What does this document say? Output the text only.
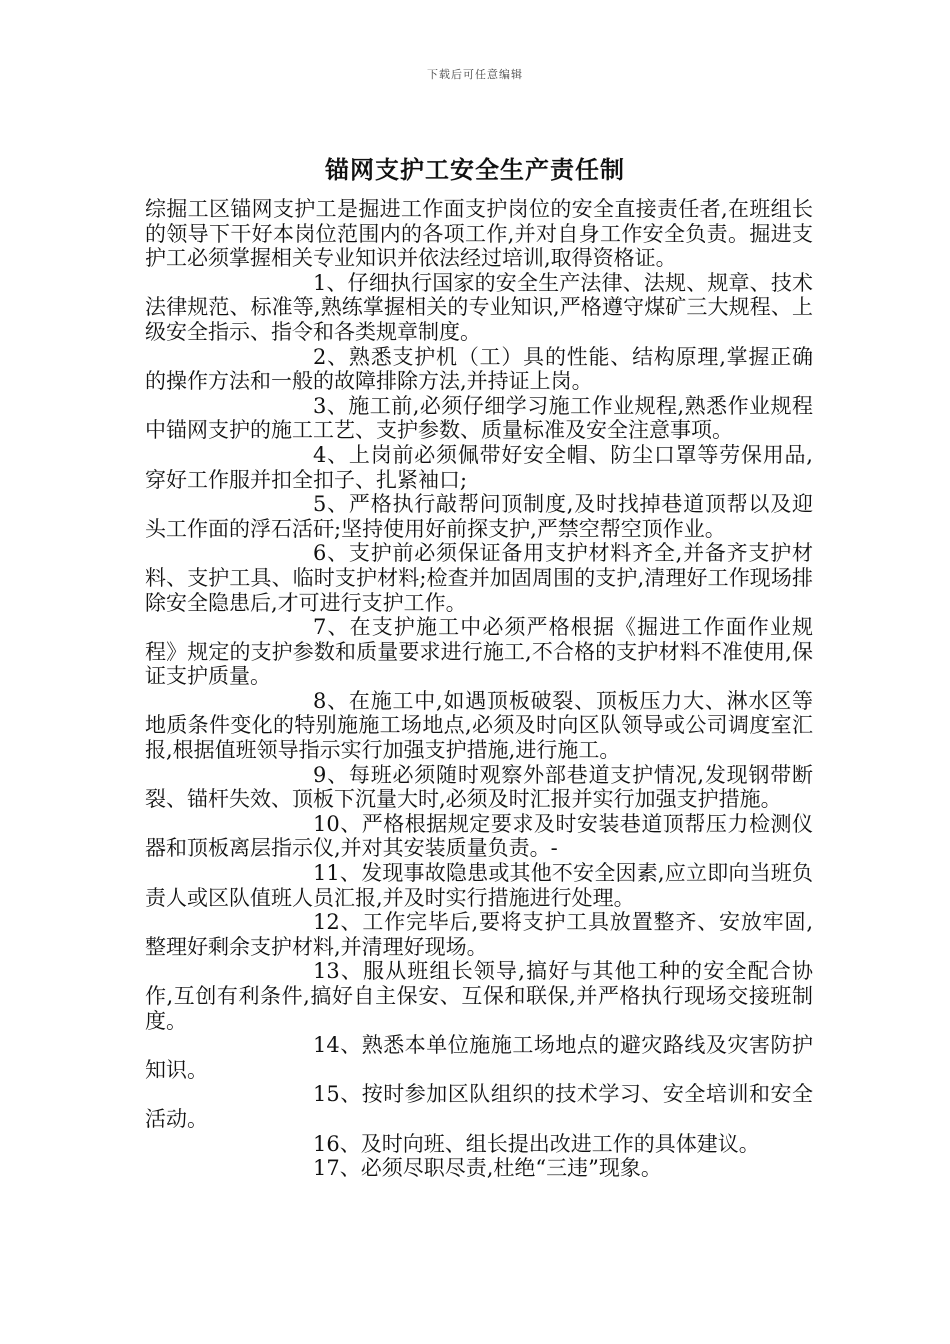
下载后可任意编辑
锚网支护工安全生产责任制

综掘工区锚网支护工是掘进工作面支护岗位的安全直接责任者,在班组长的领导下干好本岗位范围内的各项工作,并对自身工作安全负责。掘进支护工必须掌握相关专业知识并依法经过培训,取得资格证。

1、仔细执行国家的安全生产法律、法规、规章、技术法律规范、标准等,熟练掌握相关的专业知识,严格遵守煤矿三大规程、上级安全指示、指令和各类规章制度。

2、熟悉支护机（工）具的性能、结构原理,掌握正确的操作方法和一般的故障排除方法,并持证上岗。

3、施工前,必须仔细学习施工作业规程,熟悉作业规程中锚网支护的施工工艺、支护参数、质量标准及安全注意事项。

4、上岗前必须佩带好安全帽、防尘口罩等劳保用品,穿好工作服并扣全扣子、扎紧袖口;

5、严格执行敲帮问顶制度,及时找掉巷道顶帮以及迎头工作面的浮石活矸;坚持使用好前探支护,严禁空帮空顶作业。

6、支护前必须保证备用支护材料齐全,并备齐支护材料、支护工具、临时支护材料;检查并加固周围的支护,清理好工作现场排除安全隐患后,才可进行支护工作。

7、在支护施工中必须严格根据《掘进工作面作业规程》规定的支护参数和质量要求进行施工,不合格的支护材料不准使用,保证支护质量。

8、在施工中,如遇顶板破裂、顶板压力大、淋水区等地质条件变化的特别施施工场地点,必须及时向区队领导或公司调度室汇报,根据值班领导指示实行加强支护措施,进行施工。

9、每班必须随时观察外部巷道支护情况,发现钢带断裂、锚杆失效、顶板下沉量大时,必须及时汇报并实行加强支护措施。

10、严格根据规定要求及时安装巷道顶帮压力检测仪器和顶板离层指示仪,并对其安装质量负责。-

11、发现事故隐患或其他不安全因素,应立即向当班负责人或区队值班人员汇报,并及时实行措施进行处理。

12、工作完毕后,要将支护工具放置整齐、安放牢固,整理好剩余支护材料,并清理好现场。

13、服从班组长领导,搞好与其他工种的安全配合协作,互创有利条件,搞好自主保安、互保和联保,并严格执行现场交接班制度。

14、熟悉本单位施施工场地点的避灾路线及灾害防护知识。

15、按时参加区队组织的技术学习、安全培训和安全活动。

16、及时向班、组长提出改进工作的具体建议。

17、必须尽职尽责,杜绝“三违”现象。
